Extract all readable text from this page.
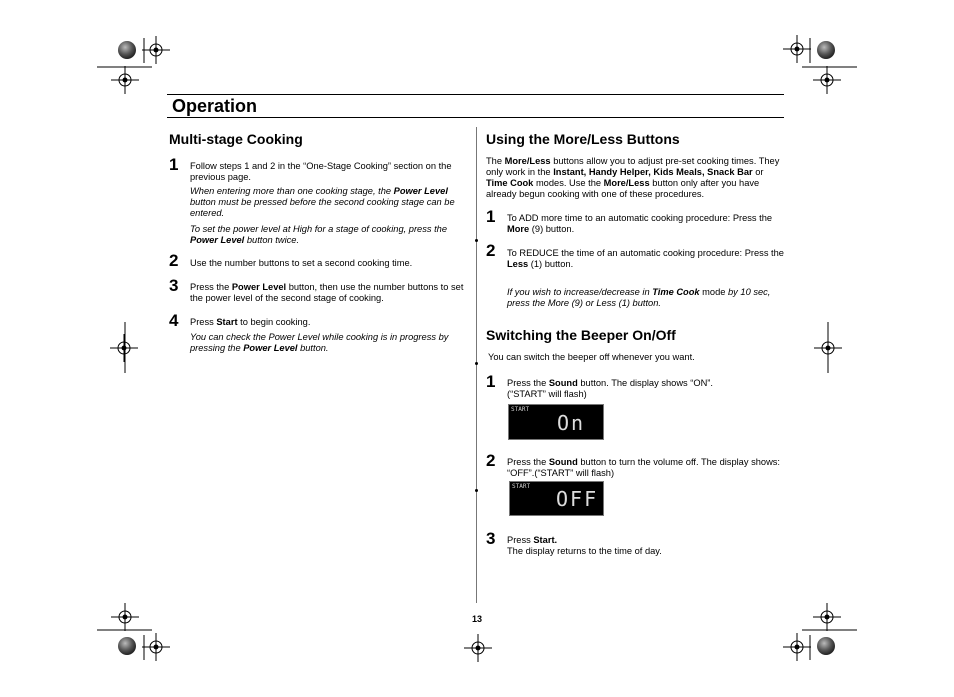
Operation
Multi-stage Cooking
1 Follow steps 1 and 2 in the “One-Stage Cooking” section on the previous page.
When entering more than one cooking stage, the Power Level button must be pressed before the second cooking stage can be entered.
To set the power level at High for a stage of cooking, press the Power Level button twice.
2 Use the number buttons to set a second cooking time.
3 Press the Power Level button, then use the number buttons to set the power level of the second stage of cooking.
4 Press Start to begin cooking.
You can check the Power Level while cooking is in progress by pressing the Power Level button.
Using the More/Less Buttons
The More/Less buttons allow you to adjust pre-set cooking times. They only work in the Instant, Handy Helper, Kids Meals, Snack Bar or Time Cook modes. Use the More/Less button only after you have already begun cooking with one of these procedures.
1 To ADD more time to an automatic cooking procedure: Press the More (9) button.
2 To REDUCE the time of an automatic cooking procedure: Press the Less (1) button.
If you wish to increase/decrease in Time Cook mode by 10 sec, press the More (9) or Less (1) button.
Switching the Beeper On/Off
You can switch the beeper off whenever you want.
1 Press the Sound button. The display shows “ON”.
(“START” will flash)
START
On
2 Press the Sound button to turn the volume off. The display shows: “OFF”.(“START” will flash)
START
OFF
3 Press Start.
The display returns to the time of day.
13
